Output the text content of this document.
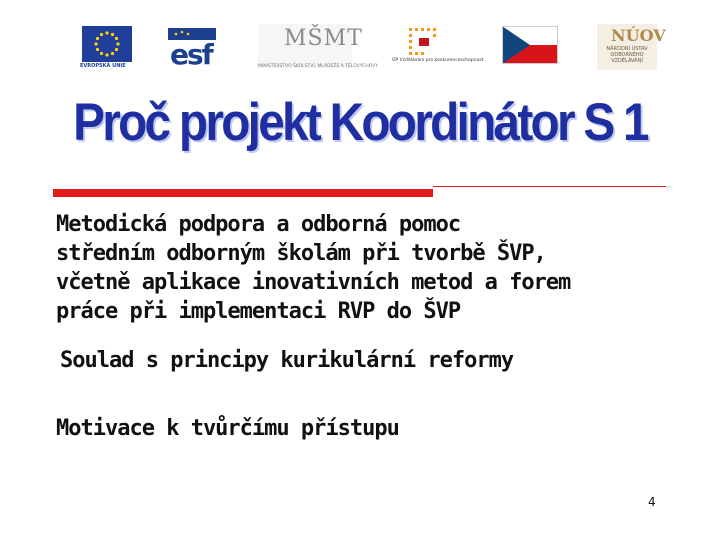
EVROPSKÁ UNIE	esf	MŠMT
MINISTERSTVO ŠKOLSTVÍ, MLÁDEŽE A TĚLOVÝCHOVY
OP Vzdělávání pro konkurenceschopnost
NÚOV
NÁRODNÍ ÚSTAV ODBORNÉHO VZDĚLÁVÁNÍ
Proč projekt Koordinátor S 1
Metodická podpora a odborná pomoc
středním odborným školám při tvorbě ŠVP,
včetně aplikace inovativních metod a forem
práce při implementaci RVP do ŠVP
Soulad s principy kurikulární reformy
Motivace k tvůrčímu přístupu
4
